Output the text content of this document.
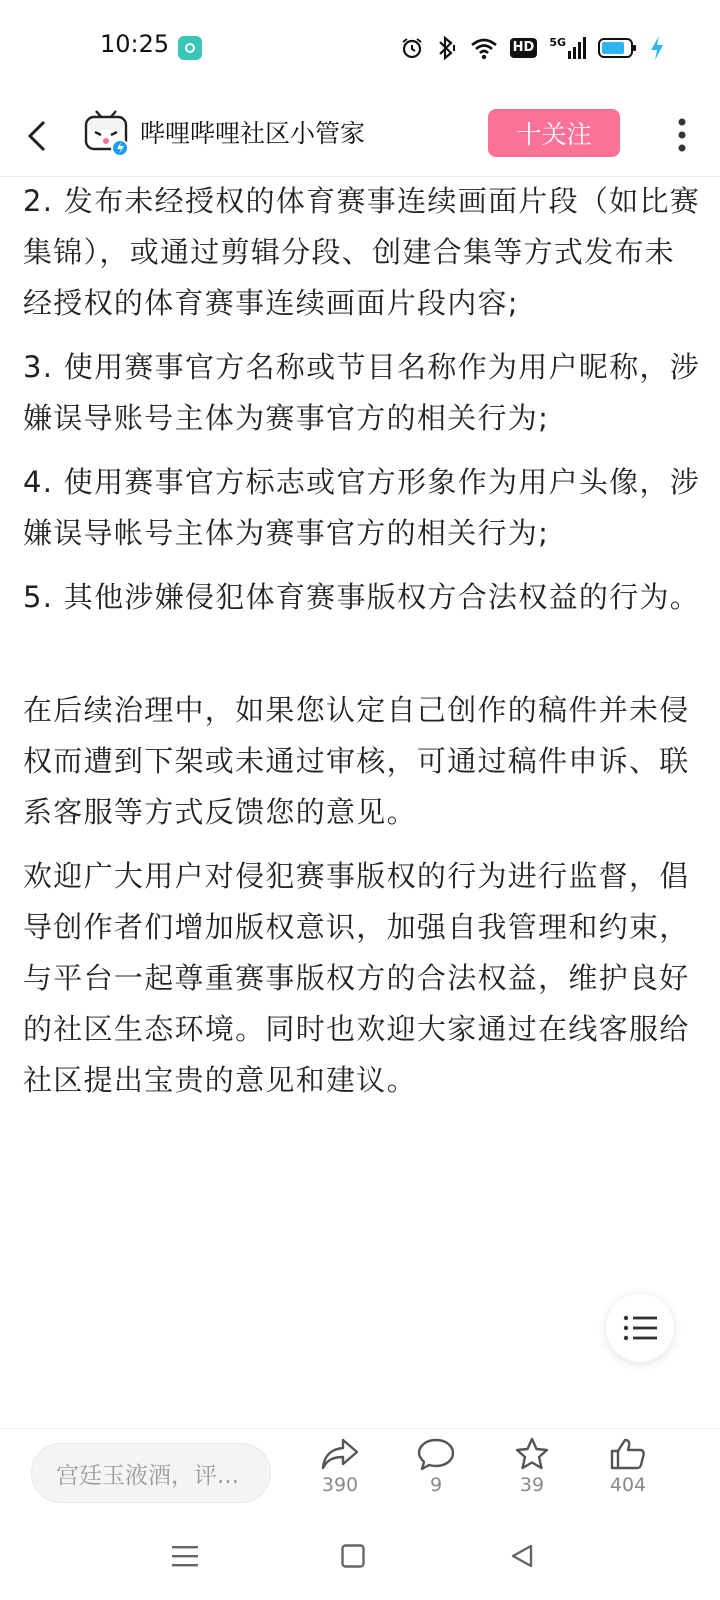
10:25	HD 5G
哔哩哔哩社区小管家	十关注

2. 发布未经授权的体育赛事连续画面片段（如比赛集锦），或通过剪辑分段、创建合集等方式发布未经授权的体育赛事连续画面片段内容;

3. 使用赛事官方名称或节目名称作为用户昵称，涉嫌误导账号主体为赛事官方的相关行为;

4. 使用赛事官方标志或官方形象作为用户头像，涉嫌误导帐号主体为赛事官方的相关行为;

5. 其他涉嫌侵犯体育赛事版权方合法权益的行为。

在后续治理中，如果您认定自己创作的稿件并未侵权而遭到下架或未通过审核，可通过稿件申诉、联系客服等方式反馈您的意见。

欢迎广大用户对侵犯赛事版权的行为进行监督，倡导创作者们增加版权意识，加强自我管理和约束，与平台一起尊重赛事版权方的合法权益，维护良好的社区生态环境。同时也欢迎大家通过在线客服给社区提出宝贵的意见和建议。

宫廷玉液酒，评...	390	9	39	404
